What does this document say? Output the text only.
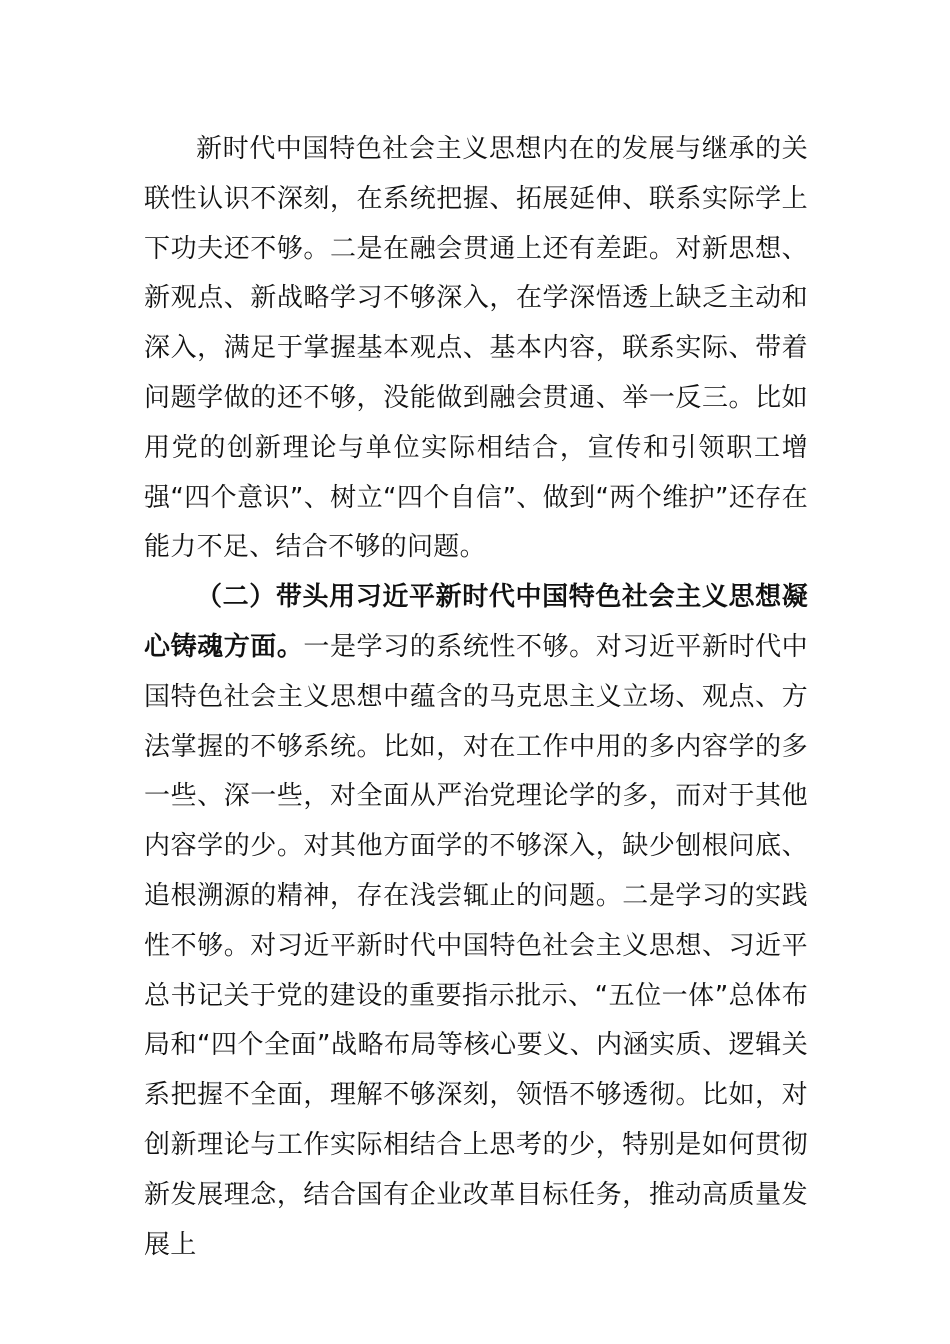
新时代中国特色社会主义思想内在的发展与继承的关联性认识不深刻，在系统把握、拓展延伸、联系实际学上下功夫还不够。二是在融会贯通上还有差距。对新思想、新观点、新战略学习不够深入，在学深悟透上缺乏主动和深入，满足于掌握基本观点、基本内容，联系实际、带着问题学做的还不够，没能做到融会贯通、举一反三。比如用党的创新理论与单位实际相结合，宣传和引领职工增强“四个意识”、树立“四个自信”、做到“两个维护”还存在能力不足、结合不够的问题。

（二）带头用习近平新时代中国特色社会主义思想凝心铸魂方面。一是学习的系统性不够。对习近平新时代中国特色社会主义思想中蕴含的马克思主义立场、观点、方法掌握的不够系统。比如，对在工作中用的多内容学的多一些、深一些，对全面从严治党理论学的多，而对于其他内容学的少。对其他方面学的不够深入，缺少刨根问底、追根溯源的精神，存在浅尝辄止的问题。二是学习的实践性不够。对习近平新时代中国特色社会主义思想、习近平总书记关于党的建设的重要指示批示、“五位一体”总体布局和“四个全面”战略布局等核心要义、内涵实质、逻辑关系把握不全面，理解不够深刻，领悟不够透彻。比如，对创新理论与工作实际相结合上思考的少，特别是如何贯彻新发展理念，结合国有企业改革目标任务，推动高质量发展上
